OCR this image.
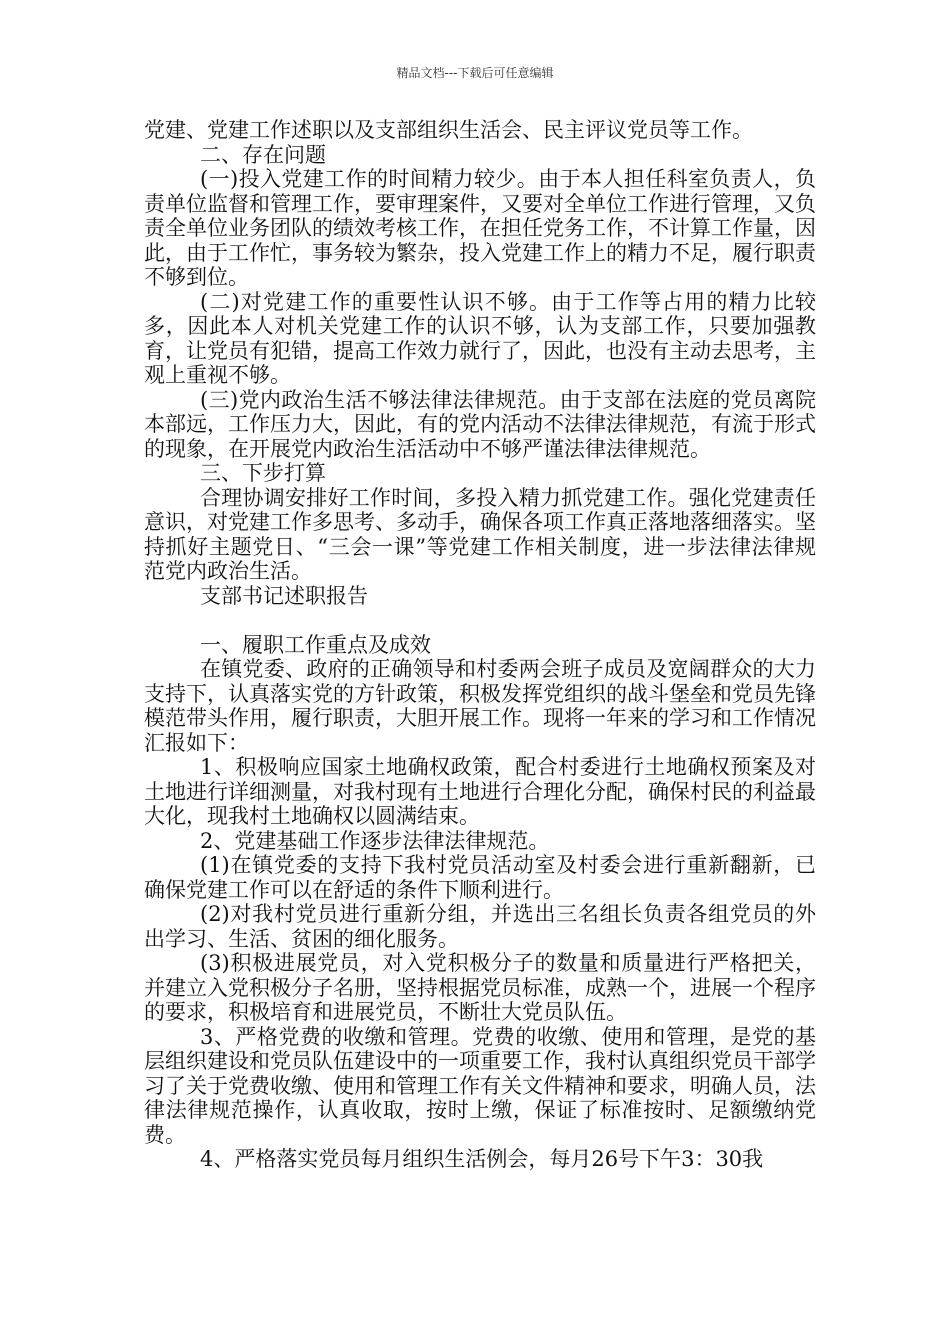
精品文档---下载后可任意编辑

党建、党建工作述职以及支部组织生活会、民主评议党员等工作。

二、存在问题

(一)投入党建工作的时间精力较少。由于本人担任科室负责人，负责单位监督和管理工作，要审理案件，又要对全单位工作进行管理，又负责全单位业务团队的绩效考核工作，在担任党务工作，不计算工作量，因此，由于工作忙，事务较为繁杂，投入党建工作上的精力不足，履行职责不够到位。

(二)对党建工作的重要性认识不够。由于工作等占用的精力比较多，因此本人对机关党建工作的认识不够，认为支部工作，只要加强教育，让党员有犯错，提高工作效力就行了，因此，也没有主动去思考，主观上重视不够。

(三)党内政治生活不够法律法律规范。由于支部在法庭的党员离院本部远，工作压力大，因此，有的党内活动不法律法律规范，有流于形式的现象，在开展党内政治生活活动中不够严谨法律法律规范。

三、下步打算

合理协调安排好工作时间，多投入精力抓党建工作。强化党建责任意识，对党建工作多思考、多动手，确保各项工作真正落地落细落实。坚持抓好主题党日、“三会一课”等党建工作相关制度，进一步法律法律规范党内政治生活。

支部书记述职报告

一、履职工作重点及成效

在镇党委、政府的正确领导和村委两会班子成员及宽阔群众的大力支持下，认真落实党的方针政策，积极发挥党组织的战斗堡垒和党员先锋模范带头作用，履行职责，大胆开展工作。现将一年来的学习和工作情况汇报如下：

1、积极响应国家土地确权政策，配合村委进行土地确权预案及对土地进行详细测量，对我村现有土地进行合理化分配，确保村民的利益最大化，现我村土地确权以圆满结束。

2、党建基础工作逐步法律法律规范。

(1)在镇党委的支持下我村党员活动室及村委会进行重新翻新，已确保党建工作可以在舒适的条件下顺利进行。

(2)对我村党员进行重新分组，并选出三名组长负责各组党员的外出学习、生活、贫困的细化服务。

(3)积极进展党员，对入党积极分子的数量和质量进行严格把关，并建立入党积极分子名册，坚持根据党员标准，成熟一个，进展一个程序的要求，积极培育和进展党员，不断壮大党员队伍。

3、严格党费的收缴和管理。党费的收缴、使用和管理，是党的基层组织建设和党员队伍建设中的一项重要工作，我村认真组织党员干部学习了关于党费收缴、使用和管理工作有关文件精神和要求，明确人员，法律法律规范操作，认真收取，按时上缴，保证了标准按时、足额缴纳党费。

4、严格落实党员每月组织生活例会，每月26号下午3：30我
